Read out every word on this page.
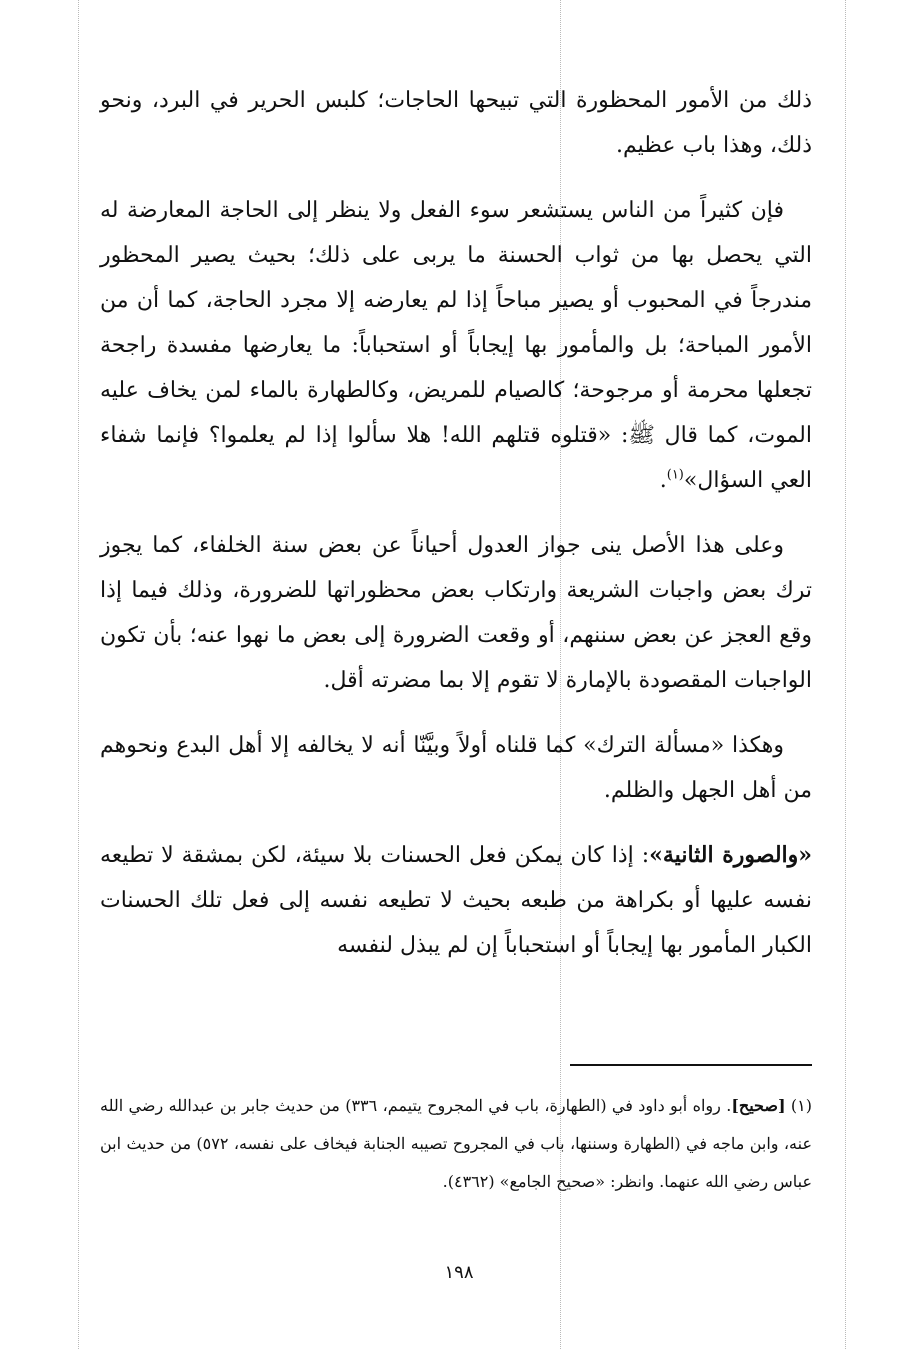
ذلك من الأمور المحظورة التي تبيحها الحاجات؛ كلبس الحرير في البرد، ونحو ذلك، وهذا باب عظيم.

فإن كثيراً من الناس يستشعر سوء الفعل ولا ينظر إلى الحاجة المعارضة له التي يحصل بها من ثواب الحسنة ما يربى على ذلك؛ بحيث يصير المحظور مندرجاً في المحبوب أو يصير مباحاً إذا لم يعارضه إلا مجرد الحاجة، كما أن من الأمور المباحة؛ بل والمأمور بها إيجاباً أو استحباباً: ما يعارضها مفسدة راجحة تجعلها محرمة أو مرجوحة؛ كالصيام للمريض، وكالطهارة بالماء لمن يخاف عليه الموت، كما قال ﷺ: «قتلوه قتلهم الله! هلا سألوا إذا لم يعلموا؟ فإنما شفاء العي السؤال»$^{(١)}$.

وعلى هذا الأصل ينى جواز العدول أحياناً عن بعض سنة الخلفاء، كما يجوز ترك بعض واجبات الشريعة وارتكاب بعض محظوراتها للضرورة، وذلك فيما إذا وقع العجز عن بعض سننهم، أو وقعت الضرورة إلى بعض ما نهوا عنه؛ بأن تكون الواجبات المقصودة بالإمارة لا تقوم إلا بما مضرته أقل.

وهكذا «مسألة الترك» كما قلناه أولاً وبيَّنّا أنه لا يخالفه إلا أهل البدع ونحوهم من أهل الجهل والظلم.

«والصورة الثانية»: إذا كان يمكن فعل الحسنات بلا سيئة، لكن بمشقة لا تطيعه نفسه عليها أو بكراهة من طبعه بحيث لا تطيعه نفسه إلى فعل تلك الحسنات الكبار المأمور بها إيجاباً أو استحباباً إن لم يبذل لنفسه

(١) [صحيح]. رواه أبو داود في (الطهارة، باب في المجروح يتيمم، ٣٣٦) من حديث جابر بن عبدالله رضي الله عنه، وابن ماجه في (الطهارة وسننها، باب في المجروح تصيبه الجنابة فيخاف على نفسه، ٥٧٢) من حديث ابن عباس رضي الله عنهما. وانظر: «صحيح الجامع» (٤٣٦٢).
١٩٨
